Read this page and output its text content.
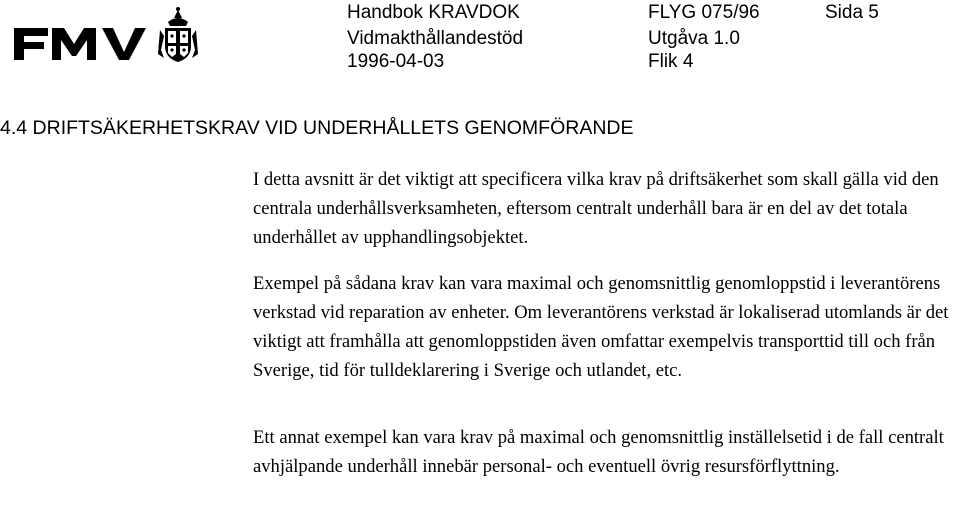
Handbok KRAVDOK
Vidmakthållandestöd
1996-04-03
FLYG 075/96
Utgåva 1.0
Flik 4
Sida 5
4.4 DRIFTSÄKERHETSKRAV VID UNDERHÅLLETS GENOMFÖRANDE

I detta avsnitt är det viktigt att specificera vilka krav på driftsäkerhet som skall gälla vid den centrala underhållsverksamheten, eftersom centralt underhåll bara är en del av det totala underhållet av upphandlingsobjektet.

Exempel på sådana krav kan vara maximal och genomsnittlig genomloppstid i leverantörens verkstad vid reparation av enheter. Om leverantörens verkstad är lokaliserad utomlands är det viktigt att framhålla att genomloppstiden även omfattar exempelvis transporttid till och från Sverige, tid för tulldeklarering i Sverige och utlandet, etc.

Ett annat exempel kan vara krav på maximal och genomsnittlig inställelsetid i de fall centralt avhjälpande underhåll innebär personal- och eventuell övrig resursförflyttning.
